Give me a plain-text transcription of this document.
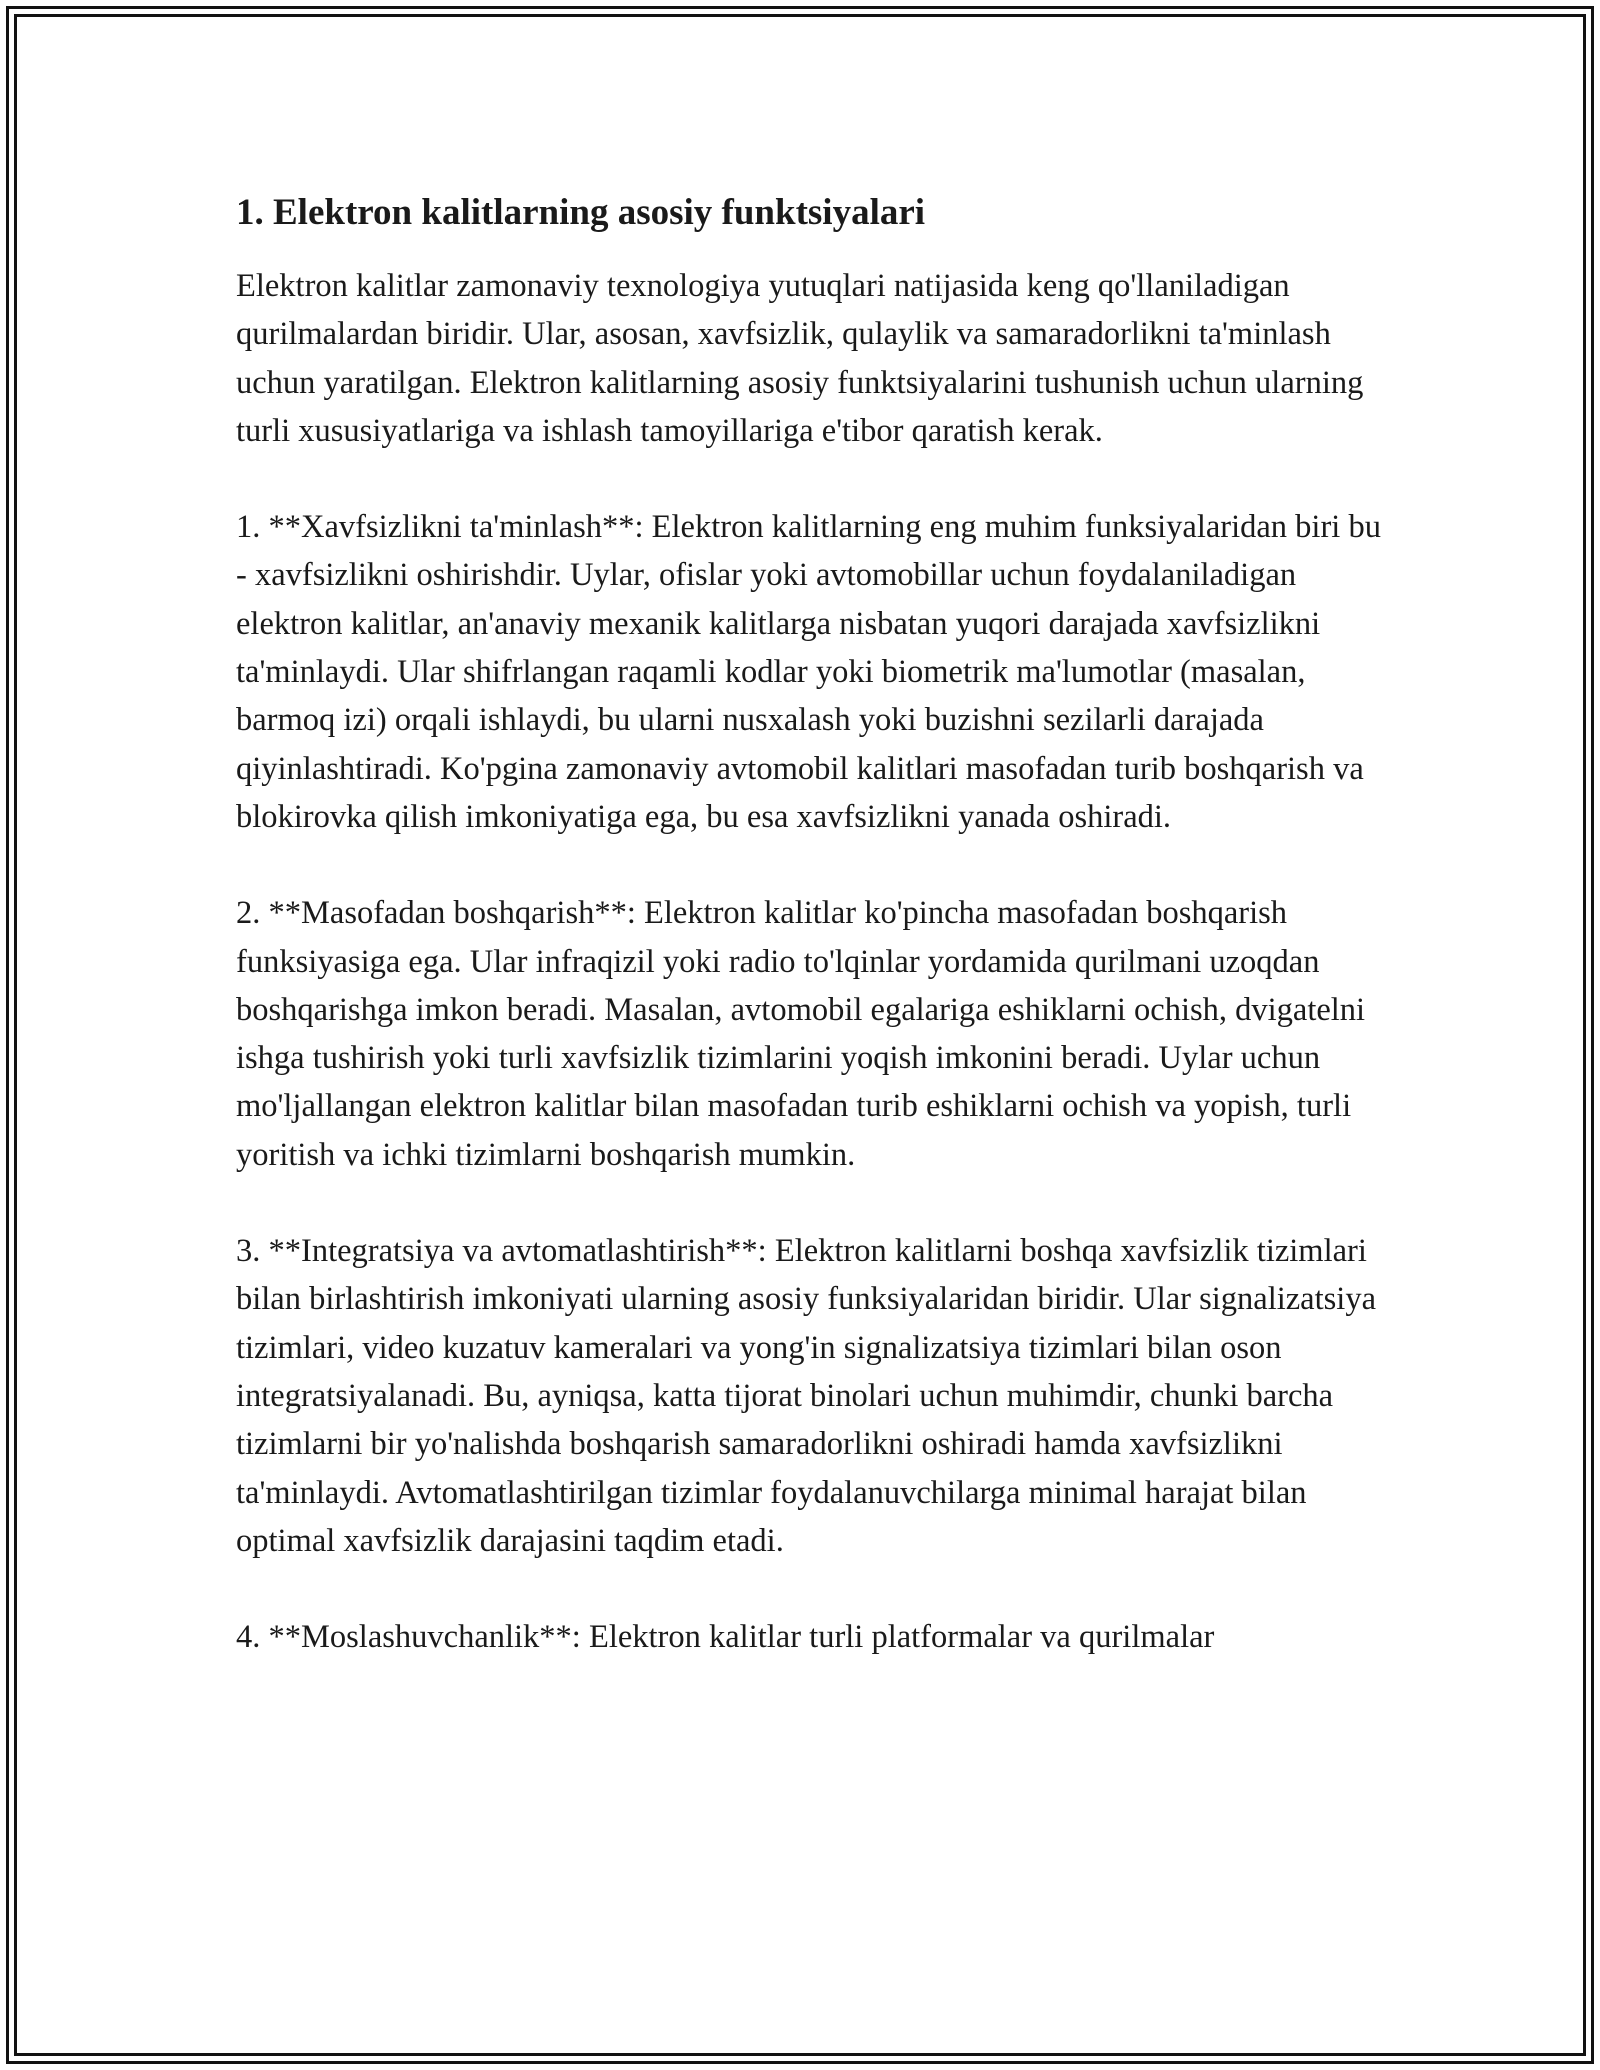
1. Elektron kalitlarning asosiy funktsiyalari

Elektron kalitlar zamonaviy texnologiya yutuqlari natijasida keng qo'llaniladigan qurilmalardan biridir. Ular, asosan, xavfsizlik, qulaylik va samaradorlikni ta'minlash uchun yaratilgan. Elektron kalitlarning asosiy funktsiyalarini tushunish uchun ularning turli xususiyatlariga va ishlash tamoyillariga e'tibor qaratish kerak.

1. **Xavfsizlikni ta'minlash**: Elektron kalitlarning eng muhim funksiyalaridan biri bu - xavfsizlikni oshirishdir. Uylar, ofislar yoki avtomobillar uchun foydalaniladigan elektron kalitlar, an'anaviy mexanik kalitlarga nisbatan yuqori darajada xavfsizlikni ta'minlaydi. Ular shifrlangan raqamli kodlar yoki biometrik ma'lumotlar (masalan, barmoq izi) orqali ishlaydi, bu ularni nusxalash yoki buzishni sezilarli darajada qiyinlashtiradi. Ko'pgina zamonaviy avtomobil kalitlari masofadan turib boshqarish va blokirovka qilish imkoniyatiga ega, bu esa xavfsizlikni yanada oshiradi.

2. **Masofadan boshqarish**: Elektron kalitlar ko'pincha masofadan boshqarish funksiyasiga ega. Ular infraqizil yoki radio to'lqinlar yordamida qurilmani uzoqdan boshqarishga imkon beradi. Masalan, avtomobil egalariga eshiklarni ochish, dvigatelni ishga tushirish yoki turli xavfsizlik tizimlarini yoqish imkonini beradi. Uylar uchun mo'ljallangan elektron kalitlar bilan masofadan turib eshiklarni ochish va yopish, turli yoritish va ichki tizimlarni boshqarish mumkin.

3. **Integratsiya va avtomatlashtirish**: Elektron kalitlarni boshqa xavfsizlik tizimlari bilan birlashtirish imkoniyati ularning asosiy funksiyalaridan biridir. Ular signalizatsiya tizimlari, video kuzatuv kameralari va yong'in signalizatsiya tizimlari bilan oson integratsiyalanadi. Bu, ayniqsa, katta tijorat binolari uchun muhimdir, chunki barcha tizimlarni bir yo'nalishda boshqarish samaradorlikni oshiradi hamda xavfsizlikni ta'minlaydi. Avtomatlashtirilgan tizimlar foydalanuvchilarga minimal harajat bilan optimal xavfsizlik darajasini taqdim etadi.

4. **Moslashuvchanlik**: Elektron kalitlar turli platformalar va qurilmalar
